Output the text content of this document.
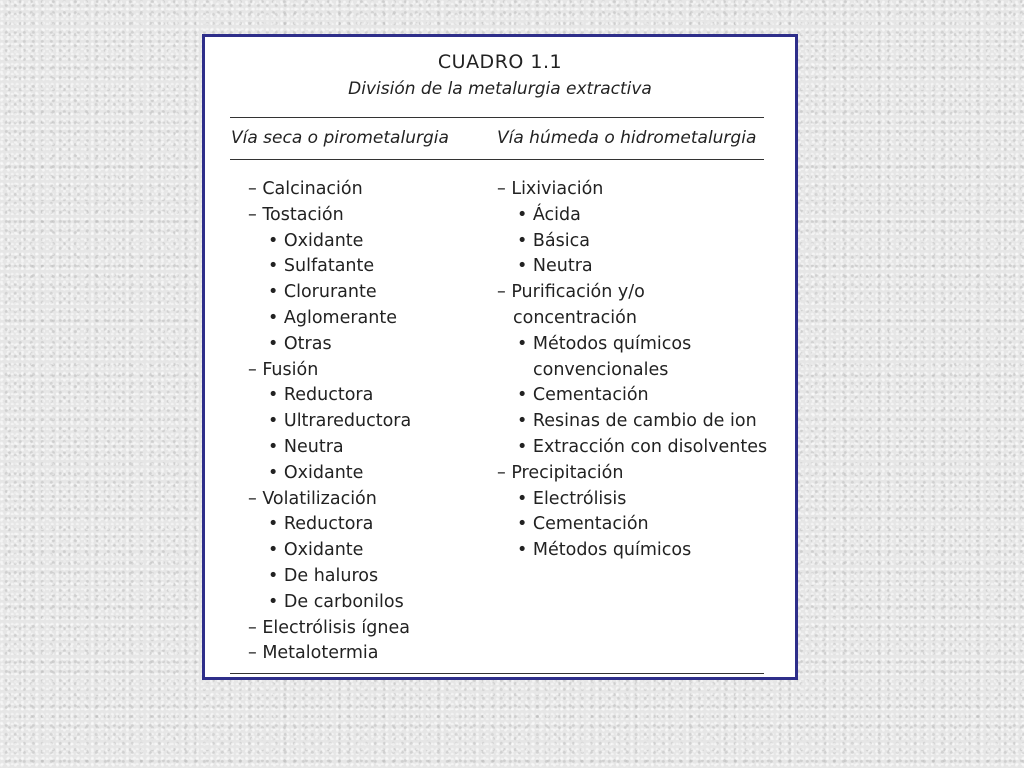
CUADRO 1.1
División de la metalurgia extractiva
Vía seca o pirometalurgia	Vía húmeda o hidrometalurgia
– Calcinación
– Tostación
• Oxidante
• Sulfatante
• Clorurante
• Aglomerante
• Otras
– Fusión
• Reductora
• Ultrareductora
• Neutra
• Oxidante
– Volatilización
• Reductora
• Oxidante
• De haluros
• De carbonilos
– Electrólisis ígnea
– Metalotermia
– Lixiviación
• Ácida
• Básica
• Neutra
– Purificación y/o
concentración
• Métodos químicos
convencionales
• Cementación
• Resinas de cambio de ion
• Extracción con disolventes
– Precipitación
• Electrólisis
• Cementación
• Métodos químicos
